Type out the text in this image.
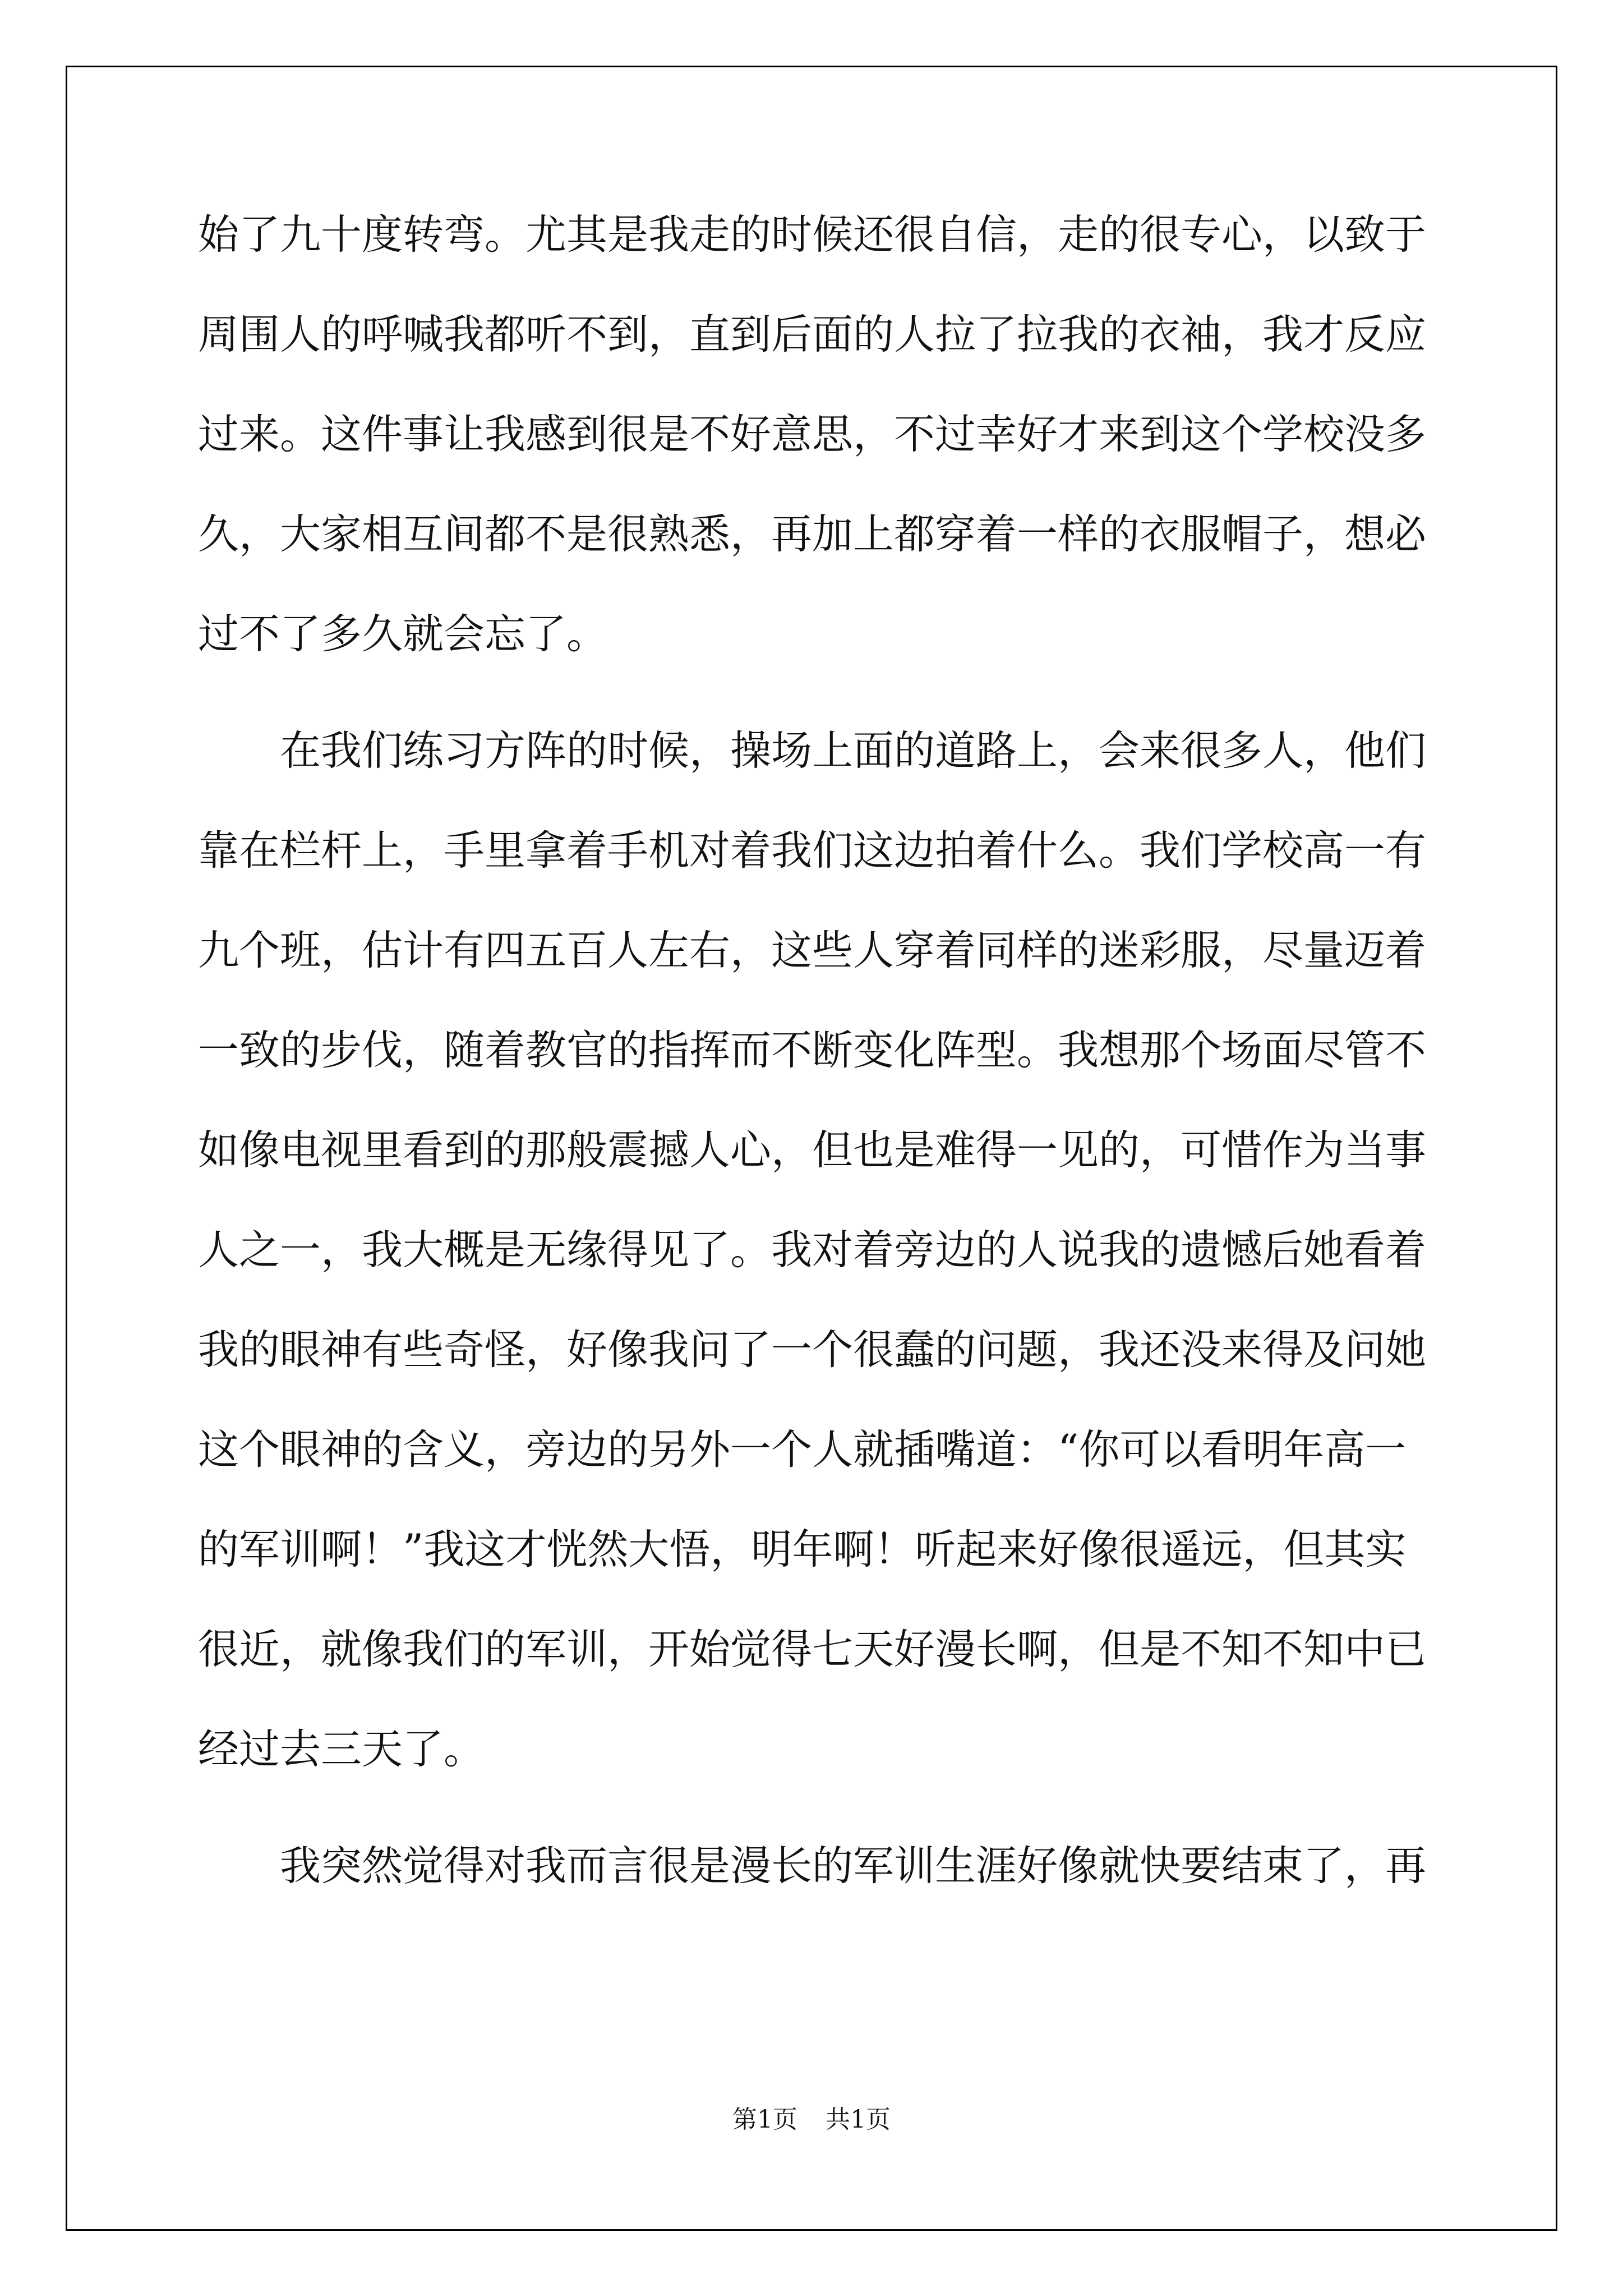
始了九十度转弯。尤其是我走的时候还很自信，走的很专心，以致于
周围人的呼喊我都听不到，直到后面的人拉了拉我的衣袖，我才反应
过来。这件事让我感到很是不好意思，不过幸好才来到这个学校没多
久，大家相互间都不是很熟悉，再加上都穿着一样的衣服帽子，想必
过不了多久就会忘了。
在我们练习方阵的时候，操场上面的道路上，会来很多人，他们
靠在栏杆上，手里拿着手机对着我们这边拍着什么。我们学校高一有
九个班，估计有四五百人左右，这些人穿着同样的迷彩服，尽量迈着
一致的步伐，随着教官的指挥而不断变化阵型。我想那个场面尽管不
如像电视里看到的那般震撼人心，但也是难得一见的，可惜作为当事
人之一，我大概是无缘得见了。我对着旁边的人说我的遗憾后她看着
我的眼神有些奇怪，好像我问了一个很蠢的问题，我还没来得及问她
这个眼神的含义，旁边的另外一个人就插嘴道：“你可以看明年高一
的军训啊！”我这才恍然大悟，明年啊！听起来好像很遥远，但其实
很近，就像我们的军训，开始觉得七天好漫长啊，但是不知不知中已
经过去三天了。
我突然觉得对我而言很是漫长的军训生涯好像就快要结束了，再
第1页 共1页
